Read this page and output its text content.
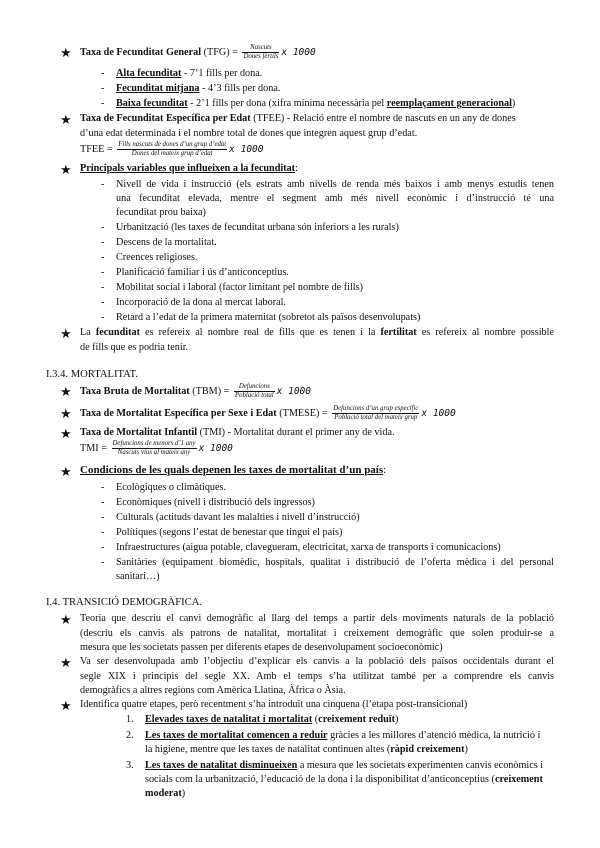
★ Taxa de Fecunditat General $(TFG) = \frac{\text{Nascuts}}{\text{Dones fèrtils}}$ x 1000
- Alta fecunditat - 7’1 fills per dona.
- Fecunditat mitjana - 4’3 fills per dona.
- Baixa fecunditat - 2’1 fills per dona (xifra mínima necessària pel reemplaçament generacional)
★ Taxa de Fecunditat Específica per Edat (TFEE) - Relació entre el nombre de nascuts en un any de dones
d’una edat determinada i el nombre total de dones que integren aquest grup d’edat.
TFEE = $\frac{\text{Fills nascuts de dones d’un grup d’edat}}{\text{Dones del mateix grup d’edat}}$ x 1000
★ Principals variables que influeixen a la fecunditat:
- Nivell de vida i instrucció (els estrats amb nivells de renda més baixos i amb menys estudis tenen
una fecunditat elevada, mentre el segment amb més nivell econòmic i d’instrucció té una
fecunditat prou baixa)
- Urbanització (les taxes de fecunditat urbana són inferiors a les rurals)
- Descens de la mortalitat.
- Creences religioses.
- Planificació familiar i ús d’anticonceptius.
- Mobilitat social i laboral (factor limitant pel nombre de fills)
- Incorporació de la dona al mercat laboral.
- Retard a l’edat de la primera maternitat (sobretot als països desenvolupats)
★ La fecunditat es refereix al nombre real de fills que es tenen i la fertilitat es refereix al nombre possible
de fills que es podria tenir.
I.3.4. MORTALITAT.
★ Taxa Bruta de Mortalitat $(TBM) = \frac{\text{Defuncions}}{\text{Població total}}$ x 1000
★ Taxa de Mortalitat Específica per Sexe i Edat (TMESE) = $\frac{\text{Defuncions d’un grup específic}}{\text{Població total del mateix grup}}$ x 1000
★ Taxa de Mortalitat Infantil (TMI) - Mortalitat durant el primer any de vida.
TMI = $\frac{\text{Defuncions de menors d’1 any}}{\text{Nascuts vius al mateix any}}$ x 1000
★ Condicions de les quals depenen les taxes de mortalitat d’un país:
- Ecològiques o climàtiques.
- Econòmiques (nivell i distribució dels ingressos)
- Culturals (actituds davant les malalties i nivell d’instrucció)
- Polítiques (segons l’estat de benestar que tingui el país)
- Infraestructures (aigua potable, clavegueram, electricitat, xarxa de transports i comunicacions)
- Sanitàries (equipament biomèdic, hospitals, qualitat i distribució de l’oferta mèdica i del personal
sanitari…)
I.4. TRANSICIÓ DEMOGRÀFICA.
★ Teoria que descriu el canvi demogràfic al llarg del temps a partir dels moviments naturals de la població
(descriu els canvis als patrons de natalitat, mortalitat i creixement demogràfic que solen produir-se a
mesura que les societats passen per diferents etapes de desenvolupament socioeconòmic)
★ Va ser desenvolupada amb l’objectiu d’explicar els canvis a la població dels països occidentals durant el
segle XIX i principis del segle XX. Amb el temps s’ha utilitzat també per a comprendre els canvis
demogràfics a altres regions com Amèrica Llatina, Àfrica o Àsia.
★ Identifica quatre etapes, però recentment s’ha introduït una cinquena (l’etapa post-transicional)
1. Elevades taxes de natalitat i mortalitat (creixement reduït)
2. Les taxes de mortalitat comencen a reduir gràcies a les millores d’atenció mèdica, la nutrició i
la higiene, mentre que les taxes de natalitat continuen altes (ràpid creixement)
3. Les taxes de natalitat disminueixen a mesura que les societats experimenten canvis econòmics i
socials com la urbanització, l’educació de la dona i la disponibilitat d’anticonceptius (creixement
moderat)
